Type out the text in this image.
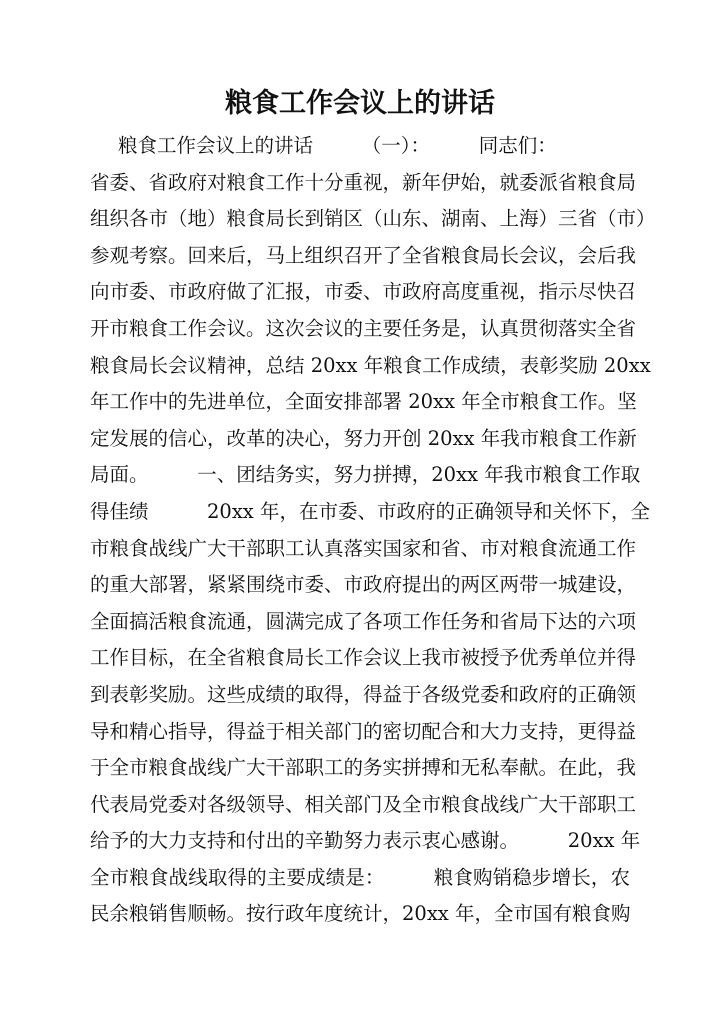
粮食工作会议上的讲话
粮食工作会议上的讲话　　　（一）：　　　同志们：
省委、省政府对粮食工作十分重视，新年伊始，就委派省粮食局
组织各市（地）粮食局长到销区（山东、湖南、上海）三省（市）
参观考察。回来后，马上组织召开了全省粮食局长会议，会后我
向市委、市政府做了汇报，市委、市政府高度重视，指示尽快召
开市粮食工作会议。这次会议的主要任务是，认真贯彻落实全省
粮食局长会议精神，总结 20xx 年粮食工作成绩，表彰奖励 20xx
年工作中的先进单位，全面安排部署 20xx 年全市粮食工作。坚
定发展的信心，改革的决心，努力开创 20xx 年我市粮食工作新
局面。　　　一、团结务实，努力拼搏，20xx 年我市粮食工作取
得佳绩　　　20xx 年，在市委、市政府的正确领导和关怀下，全
市粮食战线广大干部职工认真落实国家和省、市对粮食流通工作
的重大部署，紧紧围绕市委、市政府提出的两区两带一城建设，
全面搞活粮食流通，圆满完成了各项工作任务和省局下达的六项
工作目标，在全省粮食局长工作会议上我市被授予优秀单位并得
到表彰奖励。这些成绩的取得，得益于各级党委和政府的正确领
导和精心指导，得益于相关部门的密切配合和大力支持，更得益
于全市粮食战线广大干部职工的务实拼搏和无私奉献。在此，我
代表局党委对各级领导、相关部门及全市粮食战线广大干部职工
给予的大力支持和付出的辛勤努力表示衷心感谢。　　　20xx 年
全市粮食战线取得的主要成绩是：　　　粮食购销稳步增长，农
民余粮销售顺畅。按行政年度统计，20xx 年，全市国有粮食购
